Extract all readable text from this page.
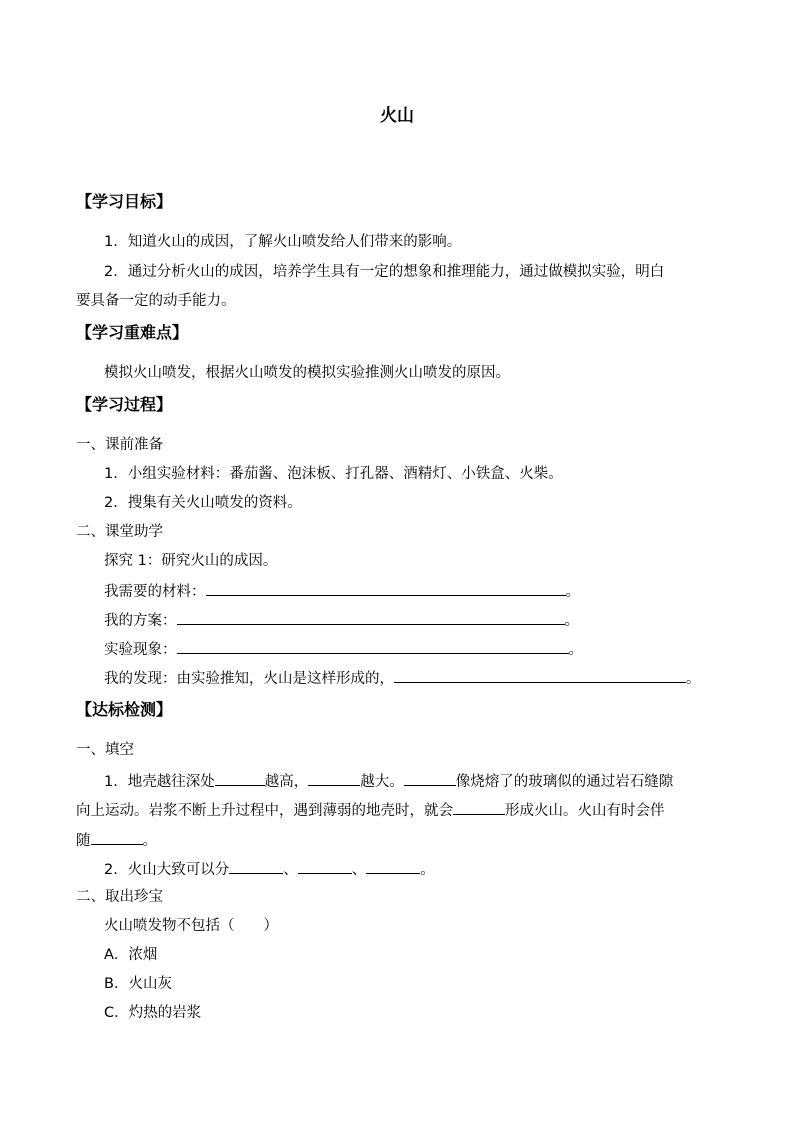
火山
【学习目标】
1．知道火山的成因，了解火山喷发给人们带来的影响。
2．通过分析火山的成因，培养学生具有一定的想象和推理能力，通过做模拟实验，明白
要具备一定的动手能力。
【学习重难点】
模拟火山喷发，根据火山喷发的模拟实验推测火山喷发的原因。
【学习过程】
一、课前准备
1．小组实验材料：番茄酱、泡沫板、打孔器、酒精灯、小铁盒、火柴。
2．搜集有关火山喷发的资料。
二、课堂助学
探究 1：研究火山的成因。
我需要的材料：	。
我的方案：	。
实验现象：	。
我的发现：由实验推知，火山是这样形成的，	。
【达标检测】
一、填空
1．地壳越往深处	越高，	越大。	像烧熔了的玻璃似的通过岩石缝隙
向上运动。岩浆不断上升过程中，遇到薄弱的地壳时，就会	形成火山。火山有时会伴
随	。
2．火山大致可以分	、	、	。
二、取出珍宝
火山喷发物不包括（　　）
A．浓烟
B．火山灰
C．灼热的岩浆
